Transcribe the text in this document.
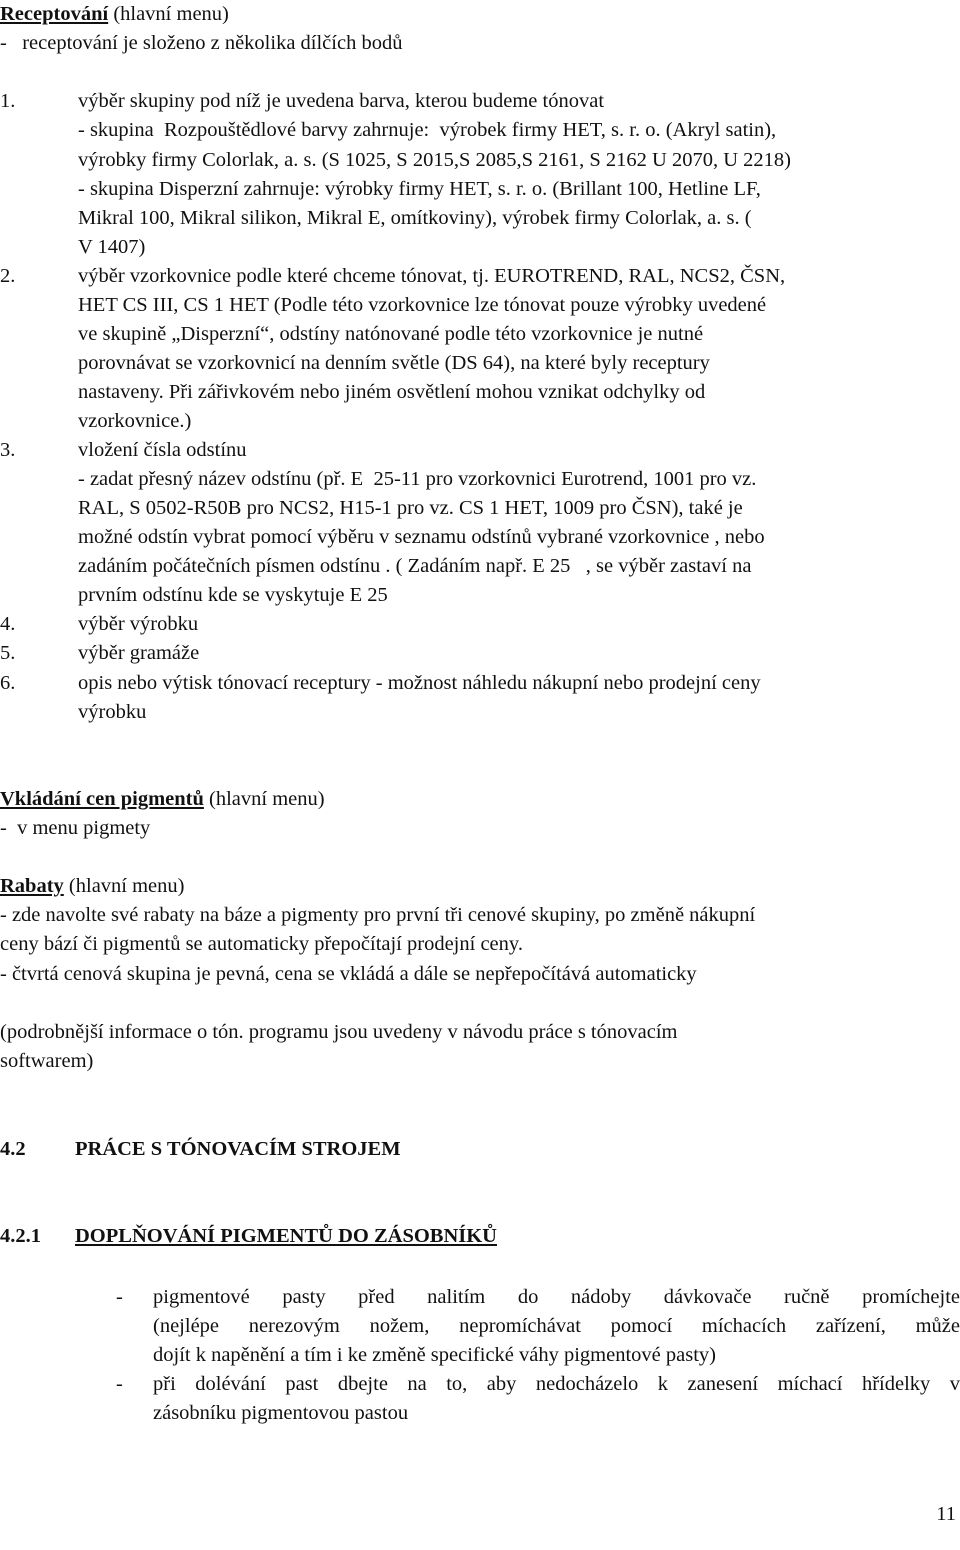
Receptování (hlavní menu)
-   receptování je složeno z několika dílčích bodů
1.	výběr skupiny pod níž je uvedena barva, kterou budeme tónovat
- skupina  Rozpouštědlové barvy zahrnuje:  výrobek firmy HET, s. r. o. (Akryl satin),
výrobky firmy Colorlak, a. s. (S 1025, S 2015,S 2085,S 2161, S 2162 U 2070, U 2218)
- skupina Disperzní zahrnuje: výrobky firmy HET, s. r. o. (Brillant 100, Hetline LF,
Mikral 100, Mikral silikon, Mikral E, omítkoviny), výrobek firmy Colorlak, a. s. (
V 1407)
2.	výběr vzorkovnice podle které chceme tónovat, tj. EUROTREND, RAL, NCS2, ČSN,
HET CS III, CS 1 HET (Podle této vzorkovnice lze tónovat pouze výrobky uvedené
ve skupině „Disperzní“, odstíny natónované podle této vzorkovnice je nutné
porovnávat se vzorkovnicí na denním světle (DS 64), na které byly receptury
nastaveny. Při zářivkovém nebo jiném osvětlení mohou vznikat odchylky od
vzorkovnice.)
3.	vložení čísla odstínu
- zadat přesný název odstínu (př. E  25-11 pro vzorkovnici Eurotrend, 1001 pro vz.
RAL, S 0502-R50B pro NCS2, H15-1 pro vz. CS 1 HET, 1009 pro ČSN), také je
možné odstín vybrat pomocí výběru v seznamu odstínů vybrané vzorkovnice , nebo
zadáním počátečních písmen odstínu . ( Zadáním např. E 25   , se výběr zastaví na
prvním odstínu kde se vyskytuje E 25
4.	výběr výrobku
5.	výběr gramáže
6.	opis nebo výtisk tónovací receptury - možnost náhledu nákupní nebo prodejní ceny
výrobku
Vkládání cen pigmentů (hlavní menu)
-  v menu pigmety
Rabaty (hlavní menu)
- zde navolte své rabaty na báze a pigmenty pro první tři cenové skupiny, po změně nákupní
ceny bází či pigmentů se automaticky přepočítají prodejní ceny.
- čtvrtá cenová skupina je pevná, cena se vkládá a dále se nepřepočítává automaticky
(podrobnější informace o tón. programu jsou uvedeny v návodu práce s tónovacím
softwarem)
4.2 PRÁCE S TÓNOVACÍM STROJEM
4.2.1 DOPLŇOVÁNÍ PIGMENTŮ DO ZÁSOBNÍKŮ
- pigmentové  pasty  před  nalitím  do  nádoby  dávkovače  ručně  promíchejte
(nejlépe nerezovým nožem, nepromíchávat pomocí míchacích zařízení, může
dojít k napěnění a tím i ke změně specifické váhy pigmentové pasty)
- při dolévání past dbejte na to, aby nedocházelo k zanesení míchací hřídelky v
zásobníku pigmentovou pastou
11
